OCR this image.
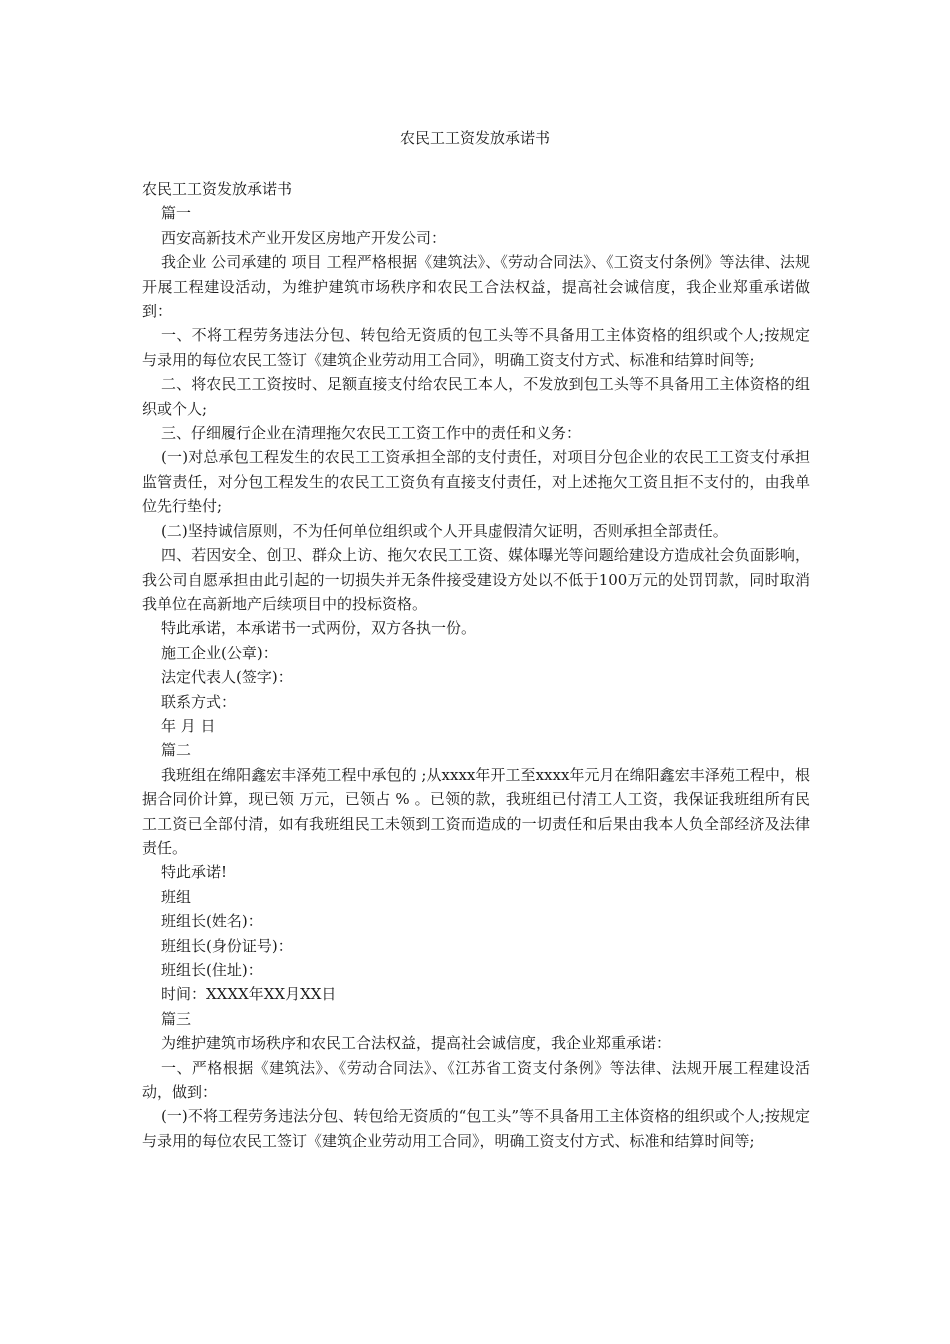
农民工工资发放承诺书

农民工工资发放承诺书

篇一

西安高新技术产业开发区房地产开发公司：

我企业 公司承建的 项目 工程严格根据《建筑法》、《劳动合同法》、《工资支付条例》等法律、法规开展工程建设活动，为维护建筑市场秩序和农民工合法权益，提高社会诚信度，我企业郑重承诺做到：

一、不将工程劳务违法分包、转包给无资质的包工头等不具备用工主体资格的组织或个人;按规定与录用的每位农民工签订《建筑企业劳动用工合同》，明确工资支付方式、标准和结算时间等;

二、将农民工工资按时、足额直接支付给农民工本人，不发放到包工头等不具备用工主体资格的组织或个人;

三、仔细履行企业在清理拖欠农民工工资工作中的责任和义务：

(一)对总承包工程发生的农民工工资承担全部的支付责任，对项目分包企业的农民工工资支付承担监管责任，对分包工程发生的农民工工资负有直接支付责任，对上述拖欠工资且拒不支付的，由我单位先行垫付;

(二)坚持诚信原则，不为任何单位组织或个人开具虚假清欠证明，否则承担全部责任。

四、若因安全、创卫、群众上访、拖欠农民工工资、媒体曝光等问题给建设方造成社会负面影响，我公司自愿承担由此引起的一切损失并无条件接受建设方处以不低于100万元的处罚罚款，同时取消我单位在高新地产后续项目中的投标资格。

特此承诺，本承诺书一式两份，双方各执一份。

施工企业(公章)：

法定代表人(签字)：

联系方式：

年 月 日

篇二

我班组在绵阳鑫宏丰泽苑工程中承包的 ;从xxxx年开工至xxxx年元月在绵阳鑫宏丰泽苑工程中，根据合同价计算，现已领 万元，已领占 % 。已领的款，我班组已付清工人工资，我保证我班组所有民工工资已全部付清，如有我班组民工未领到工资而造成的一切责任和后果由我本人负全部经济及法律责任。

特此承诺!

班组

班组长(姓名)：

班组长(身份证号)：

班组长(住址)：

时间：XXXX年XX月XX日

篇三

为维护建筑市场秩序和农民工合法权益，提高社会诚信度，我企业郑重承诺：

一、严格根据《建筑法》、《劳动合同法》、《江苏省工资支付条例》等法律、法规开展工程建设活动，做到：

(一)不将工程劳务违法分包、转包给无资质的“包工头”等不具备用工主体资格的组织或个人;按规定与录用的每位农民工签订《建筑企业劳动用工合同》，明确工资支付方式、标准和结算时间等;
